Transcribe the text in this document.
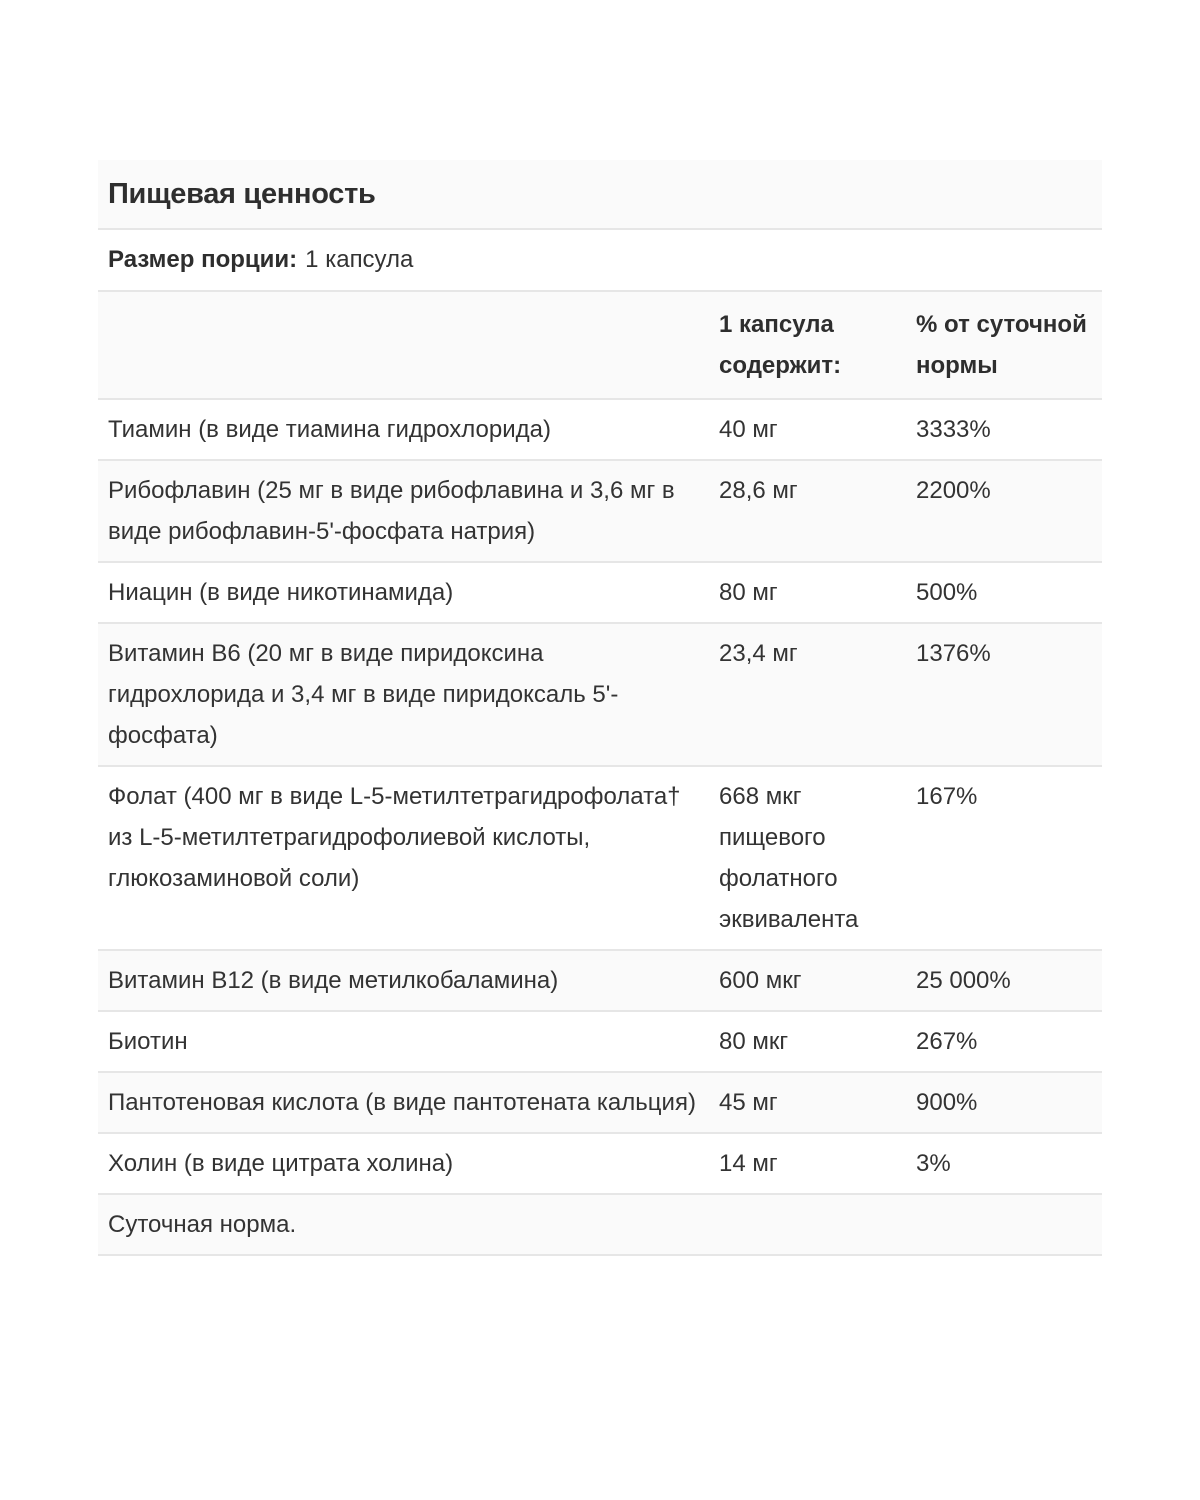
Пищевая ценность
Размер порции: 1 капсула
	1 капсула содержит:	% от суточной нормы
Тиамин (в виде тиамина гидрохлорида)	40 мг	3333%
Рибофлавин (25 мг в виде рибофлавина и 3,6 мг в виде рибофлавин-5'-фосфата натрия)	28,6 мг	2200%
Ниацин (в виде никотинамида)	80 мг	500%
Витамин В6 (20 мг в виде пиридоксина гидрохлорида и 3,4 мг в виде пиридоксаль 5'-фосфата)	23,4 мг	1376%
Фолат (400 мг в виде L-5-метилтетрагидрофолата† из L-5-метилтетрагидрофолиевой кислоты, глюкозаминовой соли)	668 мкг пищевого фолатного эквивалента	167%
Витамин В12 (в виде метилкобаламина)	600 мкг	25 000%
Биотин	80 мкг	267%
Пантотеновая кислота (в виде пантотената кальция)	45 мг	900%
Холин (в виде цитрата холина)	14 мг	3%
Суточная норма.		
